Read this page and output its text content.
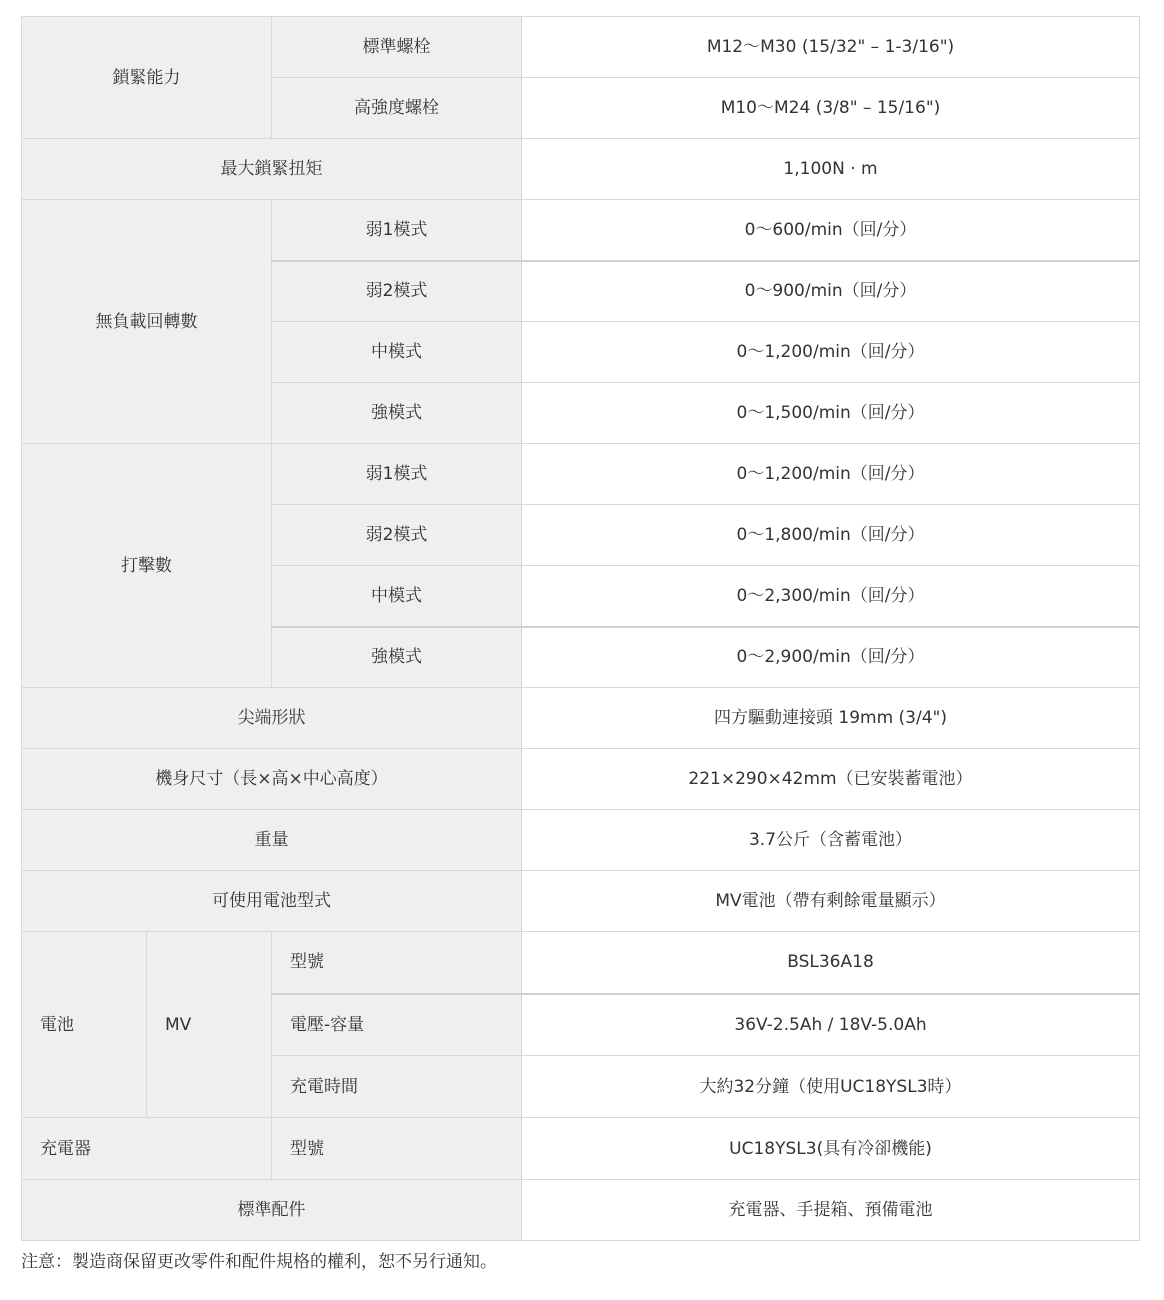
鎖緊能力		標準螺栓	M12～M30 (15/32" – 1-3/16")
		高強度螺栓	M10～M24 (3/8" – 15/16")
最大鎖緊扭矩			1,100N · m
無負載回轉數		弱1模式	0～600/min（回/分）
		弱2模式	0～900/min（回/分）
		中模式	0～1,200/min（回/分）
		強模式	0～1,500/min（回/分）
打擊數		弱1模式	0～1,200/min（回/分）
		弱2模式	0～1,800/min（回/分）
		中模式	0～2,300/min（回/分）
		強模式	0～2,900/min（回/分）
尖端形狀			四方驅動連接頭 19mm (3/4")
機身尺寸（長×高×中心高度）			221×290×42mm（已安裝蓄電池）
重量			3.7公斤（含蓄電池）
可使用電池型式			MV電池（帶有剩餘電量顯示）
電池	MV	型號	BSL36A18
		電壓-容量	36V-2.5Ah / 18V-5.0Ah
		充電時間	大約32分鐘（使用UC18YSL3時）
充電器		型號	UC18YSL3(具有冷卻機能)
標準配件			充電器、手提箱、預備電池
注意：製造商保留更改零件和配件規格的權利，恕不另行通知。
